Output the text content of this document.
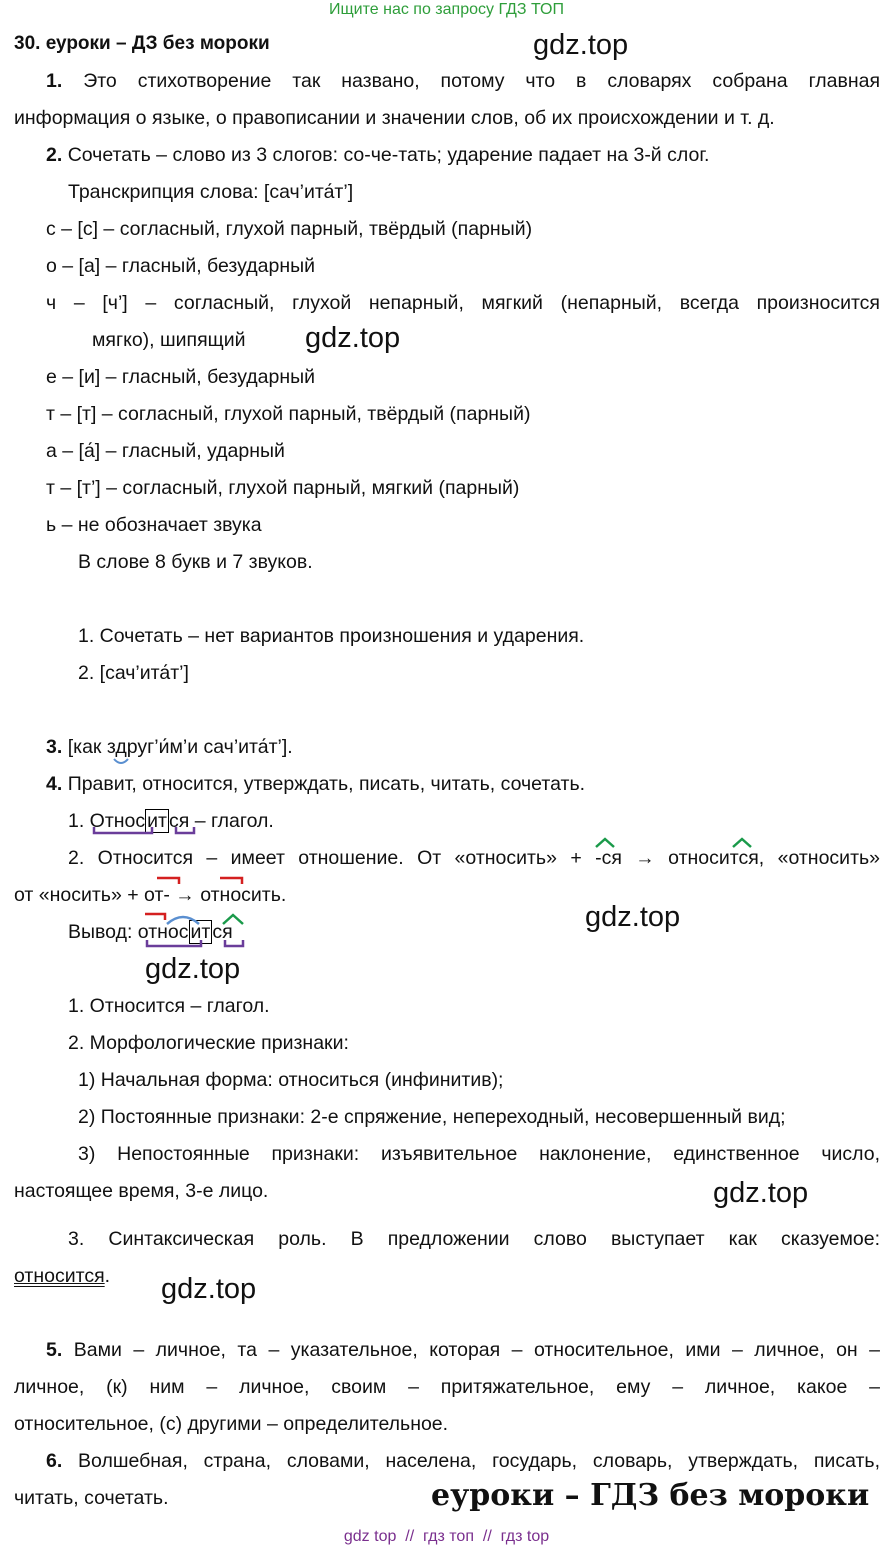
Ищите нас по запросу ГДЗ ТОП
30. еуроки – ДЗ без мороки	gdz.top
gdz.top
gdz.top
gdz.top
gdz.top
gdz.top
1. Это стихотворение так названо, потому что в словарях собрана главная
информация о языке, о правописании и значении слов, об их происхождении и т. д.
2. Сочетать – слово из 3 слогов: со-че-тать; ударение падает на 3-й слог.
Транскрипция слова: [сач’ита́т’]
с – [с] – согласный, глухой парный, твёрдый (парный)
о – [а] – гласный, безударный
ч – [ч’] – согласный, глухой непарный, мягкий (непарный, всегда произносится
мягко), шипящий
е – [и] – гласный, безударный
т – [т] – согласный, глухой парный, твёрдый (парный)
а – [а́] – гласный, ударный
т – [т’] – согласный, глухой парный, мягкий (парный)
ь – не обозначает звука
В слове 8 букв и 7 звуков.
1. Сочетать – нет вариантов произношения и ударения.
2. [сач’ита́т’]
3. [как здруг’и́м’и сач’ита́т’].
4. Правит, относится, утверждать, писать, читать, сочетать.
1. Относ ит ся – глагол.
2. Относится – имеет отношение. От «относить» + -ся → относится, «относить»
от «носить» + от- → относить.
Вывод: относ ит ся
1. Относится – глагол.
2. Морфологические признаки:
1) Начальная форма: относиться (инфинитив);
2) Постоянные признаки: 2-е спряжение, непереходный, несовершенный вид;
3) Непостоянные признаки: изъявительное наклонение, единственное число,
настоящее время, 3-е лицо.
3. Синтаксическая роль. В предложении слово выступает как сказуемое:
относится.
5. Вами – личное, та – указательное, которая – относительное, ими – личное, он –
личное, (к) ним – личное, своим – притяжательное, ему – личное, какое –
относительное, (с) другими – определительное.
6. Волшебная, страна, словами, населена, государь, словарь, утверждать, писать,
читать, сочетать.	еуроки – ГДЗ без мороки
gdz top  //  гдз топ  //  гдз top
